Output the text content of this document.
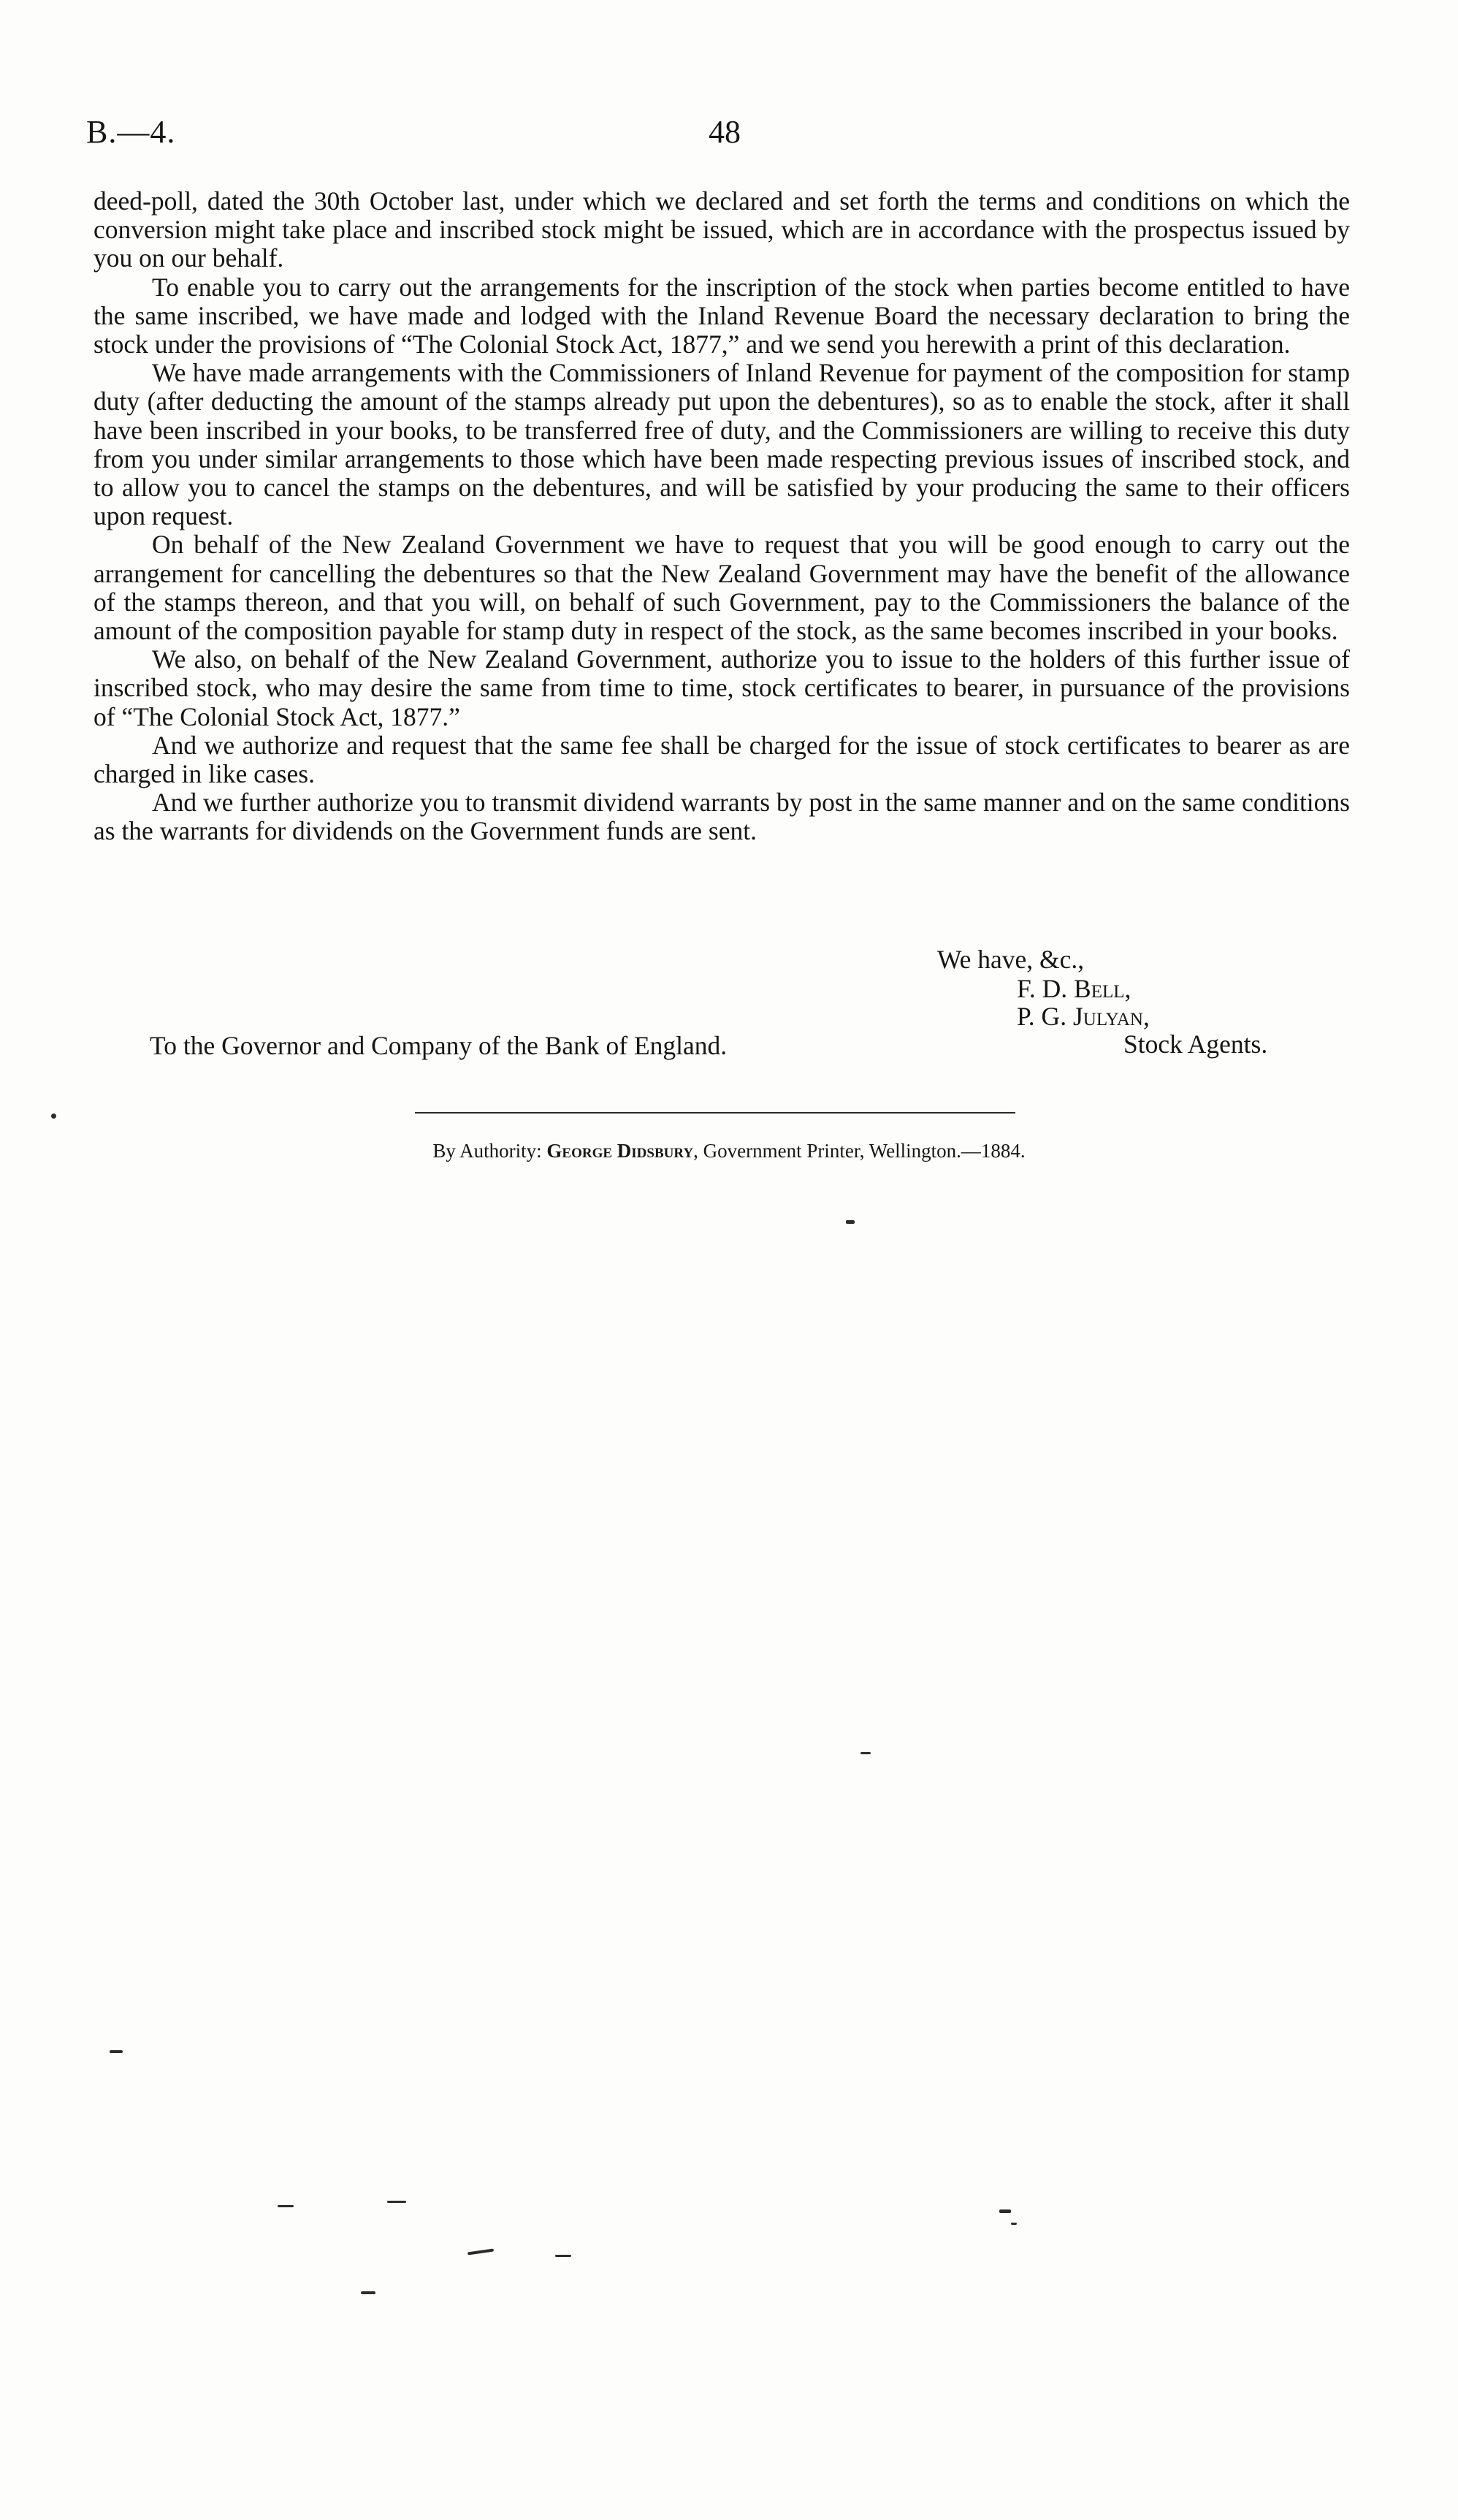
B.—4.	48

deed-poll, dated the 30th October last, under which we declared and set forth the terms and conditions on which the conversion might take place and inscribed stock might be issued, which are in accordance with the prospectus issued by you on our behalf.

To enable you to carry out the arrangements for the inscription of the stock when parties become entitled to have the same inscribed, we have made and lodged with the Inland Revenue Board the necessary declaration to bring the stock under the provisions of “The Colonial Stock Act, 1877,” and we send you herewith a print of this declaration.

We have made arrangements with the Commissioners of Inland Revenue for payment of the composition for stamp duty (after deducting the amount of the stamps already put upon the debentures), so as to enable the stock, after it shall have been inscribed in your books, to be transferred free of duty, and the Commissioners are willing to receive this duty from you under similar arrangements to those which have been made respecting previous issues of inscribed stock, and to allow you to cancel the stamps on the debentures, and will be satisfied by your producing the same to their officers upon request.

On behalf of the New Zealand Government we have to request that you will be good enough to carry out the arrangement for cancelling the debentures so that the New Zealand Government may have the benefit of the allowance of the stamps thereon, and that you will, on behalf of such Government, pay to the Commissioners the balance of the amount of the composition payable for stamp duty in respect of the stock, as the same becomes inscribed in your books.

We also, on behalf of the New Zealand Government, authorize you to issue to the holders of this further issue of inscribed stock, who may desire the same from time to time, stock certificates to bearer, in pursuance of the provisions of “The Colonial Stock Act, 1877.”

And we authorize and request that the same fee shall be charged for the issue of stock certificates to bearer as are charged in like cases.

And we further authorize you to transmit dividend warrants by post in the same manner and on the same conditions as the warrants for dividends on the Government funds are sent.

We have, &c.,
F. D. Bell,
P. G. Julyan,
To the Governor and Company of the Bank of England.	Stock Agents.
By Authority: George Didsbury, Government Printer, Wellington.—1884.
